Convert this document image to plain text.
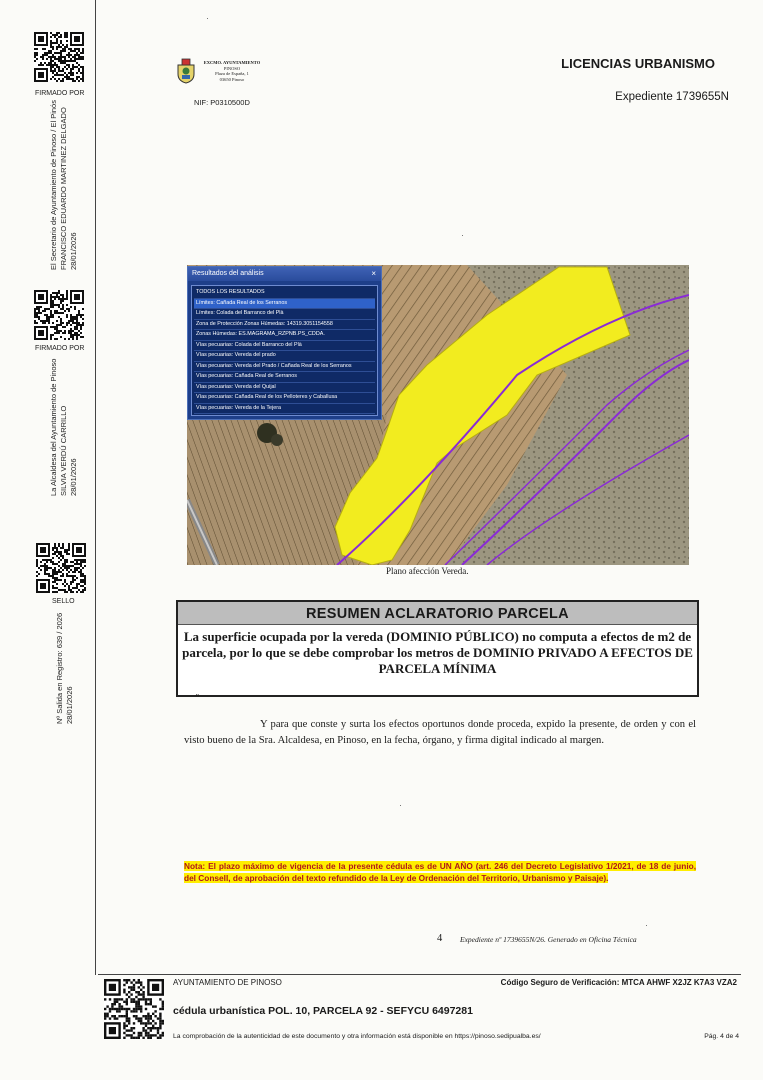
FIRMADO POR
El Secretario de Ayuntamiento de Pinoso / El Pinós FRANCISCO EDUARDO MARTINEZ DELGADO 28/01/2026
FIRMADO POR
La Alcaldesa del Ayuntamiento de Pinoso SILVIA VERDÚ CARRILLO 28/01/2026
SELLO
Nº Salida en Registro: 639 / 2026 28/01/2026
EXCMO. AYUNTAMIENTO
PINOSO
Plaza de España, 1
03650 Pinoso
NIF: P0310500D
LICENCIAS URBANISMO
Expediente 1739655N
Resultados del análisis	×
TODOS LOS RESULTADOS
Límites: Cañada Real de los Serranos
Límites: Colada del Barranco del Plà
Zona de Protección Zonas Húmedas: 14319.3051154558
Zonas Húmedas: ES.MAGRAMA_RZPNB.PS_CDDA.
Vías pecuarias: Colada del Barranco del Plà
Vías pecuarias: Vereda del prado
Vías pecuarias: Vereda del Prado / Cañada Real de los Serranos
Vías pecuarias: Cañada Real de Serranos
Vías pecuarias: Vereda del Quijal
Vías pecuarias: Cañada Real de los Pelloteres y Caballusa
Vías pecuarias: Vereda de la Tejera
Plano afección Vereda.
RESUMEN ACLARATORIO PARCELA
La superficie ocupada por la vereda (DOMINIO PÚBLICO) no computa a efectos de m2 de parcela, por lo que se debe comprobar los metros de DOMINIO PRIVADO A EFECTOS DE PARCELA MÍNIMA
"
Y para que conste y surta los efectos oportunos donde proceda, expido la presente, de orden y con el visto bueno de la Sra. Alcaldesa, en Pinoso, en la fecha, órgano, y firma digital indicado al margen.
Nota: El plazo máximo de vigencia de la presente cédula es de UN AÑO (art. 246 del Decreto Legislativo 1/2021, de 18 de junio, del Consell, de aprobación del texto refundido de la Ley de Ordenación del Territorio, Urbanismo y Paisaje).
4 Expediente nº 1739655N/26. Generado en Oficina Técnica
AYUNTAMIENTO DE PINOSO	Código Seguro de Verificación: MTCA AHWF X2JZ K7A3 VZA2
cédula urbanística POL. 10, PARCELA 92 - SEFYCU 6497281
La comprobación de la autenticidad de este documento y otra información está disponible en https://pinoso.sedipualba.es/	Pág. 4 de 4
